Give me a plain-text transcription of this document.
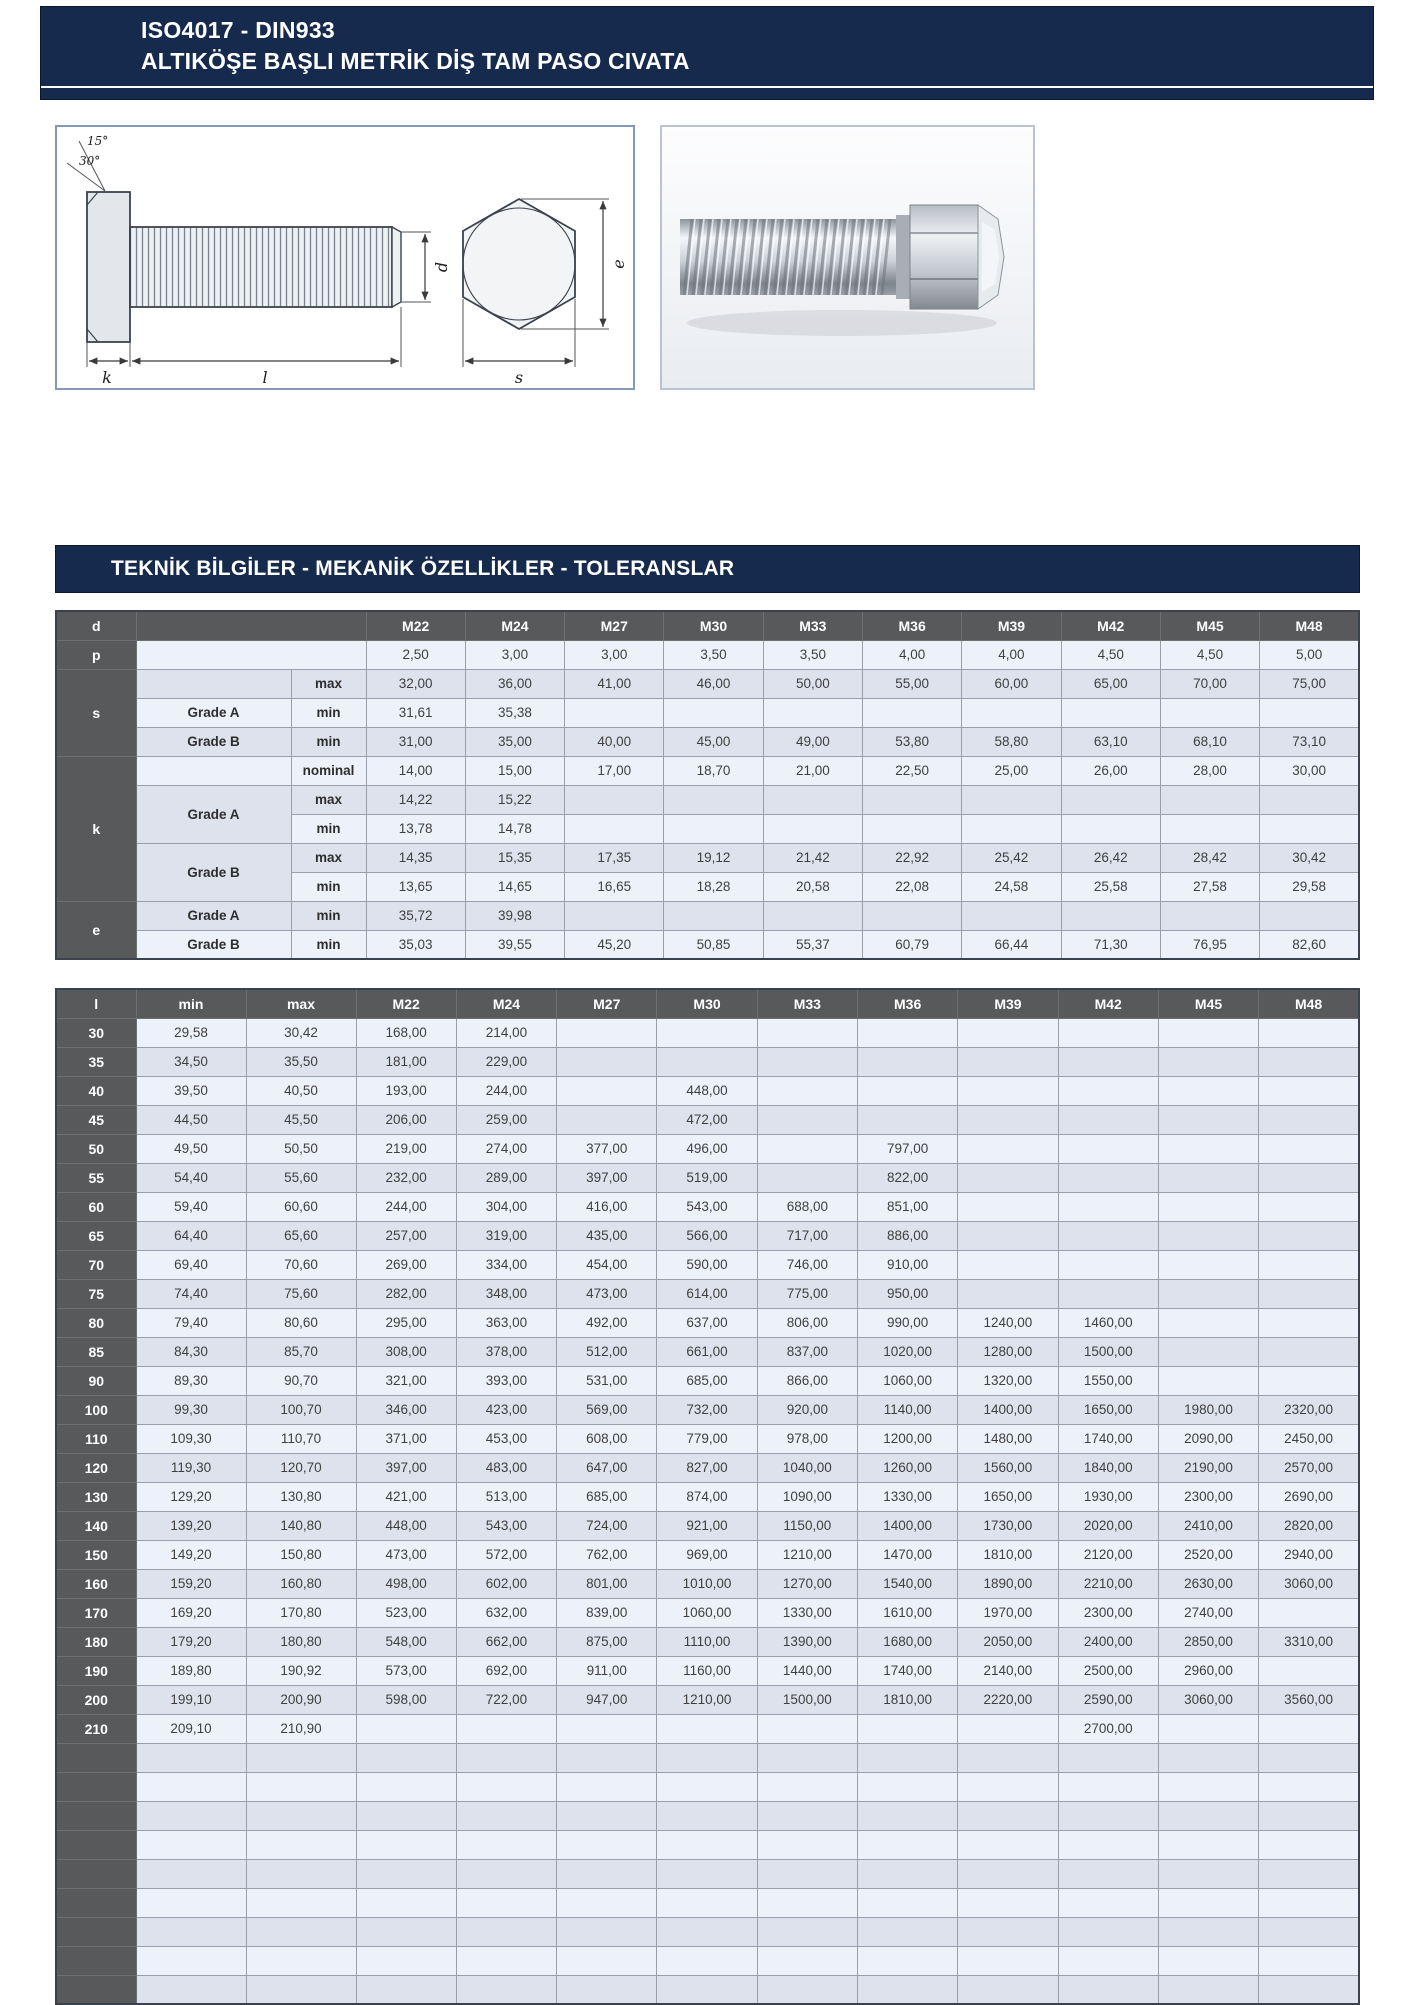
ISO4017 - DIN933
ALTIKÖŞE BAŞLI METRİK DİŞ TAM PASO CIVATA
15°
30°
d
k	l	s
e
TEKNİK BİLGİLER - MEKANİK ÖZELLİKLER - TOLERANSLAR
d			M22	M24	M27	M30	M33	M36	M39	M42	M45	M48
p			2,50	3,00	3,00	3,50	3,50	4,00	4,00	4,50	4,50	5,00
s		max	32,00	36,00	41,00	46,00	50,00	55,00	60,00	65,00	70,00	75,00
	Grade A	min	31,61	35,38								
	Grade B	min	31,00	35,00	40,00	45,00	49,00	53,80	58,80	63,10	68,10	73,10
k		nominal	14,00	15,00	17,00	18,70	21,00	22,50	25,00	26,00	28,00	30,00
	Grade A	max	14,22	15,22								
		min	13,78	14,78								
	Grade B	max	14,35	15,35	17,35	19,12	21,42	22,92	25,42	26,42	28,42	30,42
		min	13,65	14,65	16,65	18,28	20,58	22,08	24,58	25,58	27,58	29,58
e	Grade A	min	35,72	39,98								
	Grade B	min	35,03	39,55	45,20	50,85	55,37	60,79	66,44	71,30	76,95	82,60
l	min	max	M22	M24	M27	M30	M33	M36	M39	M42	M45	M48
30	29,58	30,42	168,00	214,00								
35	34,50	35,50	181,00	229,00								
40	39,50	40,50	193,00	244,00		448,00						
45	44,50	45,50	206,00	259,00		472,00						
50	49,50	50,50	219,00	274,00	377,00	496,00		797,00				
55	54,40	55,60	232,00	289,00	397,00	519,00		822,00				
60	59,40	60,60	244,00	304,00	416,00	543,00	688,00	851,00				
65	64,40	65,60	257,00	319,00	435,00	566,00	717,00	886,00				
70	69,40	70,60	269,00	334,00	454,00	590,00	746,00	910,00				
75	74,40	75,60	282,00	348,00	473,00	614,00	775,00	950,00				
80	79,40	80,60	295,00	363,00	492,00	637,00	806,00	990,00	1240,00	1460,00		
85	84,30	85,70	308,00	378,00	512,00	661,00	837,00	1020,00	1280,00	1500,00		
90	89,30	90,70	321,00	393,00	531,00	685,00	866,00	1060,00	1320,00	1550,00		
100	99,30	100,70	346,00	423,00	569,00	732,00	920,00	1140,00	1400,00	1650,00	1980,00	2320,00
110	109,30	110,70	371,00	453,00	608,00	779,00	978,00	1200,00	1480,00	1740,00	2090,00	2450,00
120	119,30	120,70	397,00	483,00	647,00	827,00	1040,00	1260,00	1560,00	1840,00	2190,00	2570,00
130	129,20	130,80	421,00	513,00	685,00	874,00	1090,00	1330,00	1650,00	1930,00	2300,00	2690,00
140	139,20	140,80	448,00	543,00	724,00	921,00	1150,00	1400,00	1730,00	2020,00	2410,00	2820,00
150	149,20	150,80	473,00	572,00	762,00	969,00	1210,00	1470,00	1810,00	2120,00	2520,00	2940,00
160	159,20	160,80	498,00	602,00	801,00	1010,00	1270,00	1540,00	1890,00	2210,00	2630,00	3060,00
170	169,20	170,80	523,00	632,00	839,00	1060,00	1330,00	1610,00	1970,00	2300,00	2740,00	
180	179,20	180,80	548,00	662,00	875,00	1110,00	1390,00	1680,00	2050,00	2400,00	2850,00	3310,00
190	189,80	190,92	573,00	692,00	911,00	1160,00	1440,00	1740,00	2140,00	2500,00	2960,00	
200	199,10	200,90	598,00	722,00	947,00	1210,00	1500,00	1810,00	2220,00	2590,00	3060,00	3560,00
210	209,10	210,90								2700,00		
